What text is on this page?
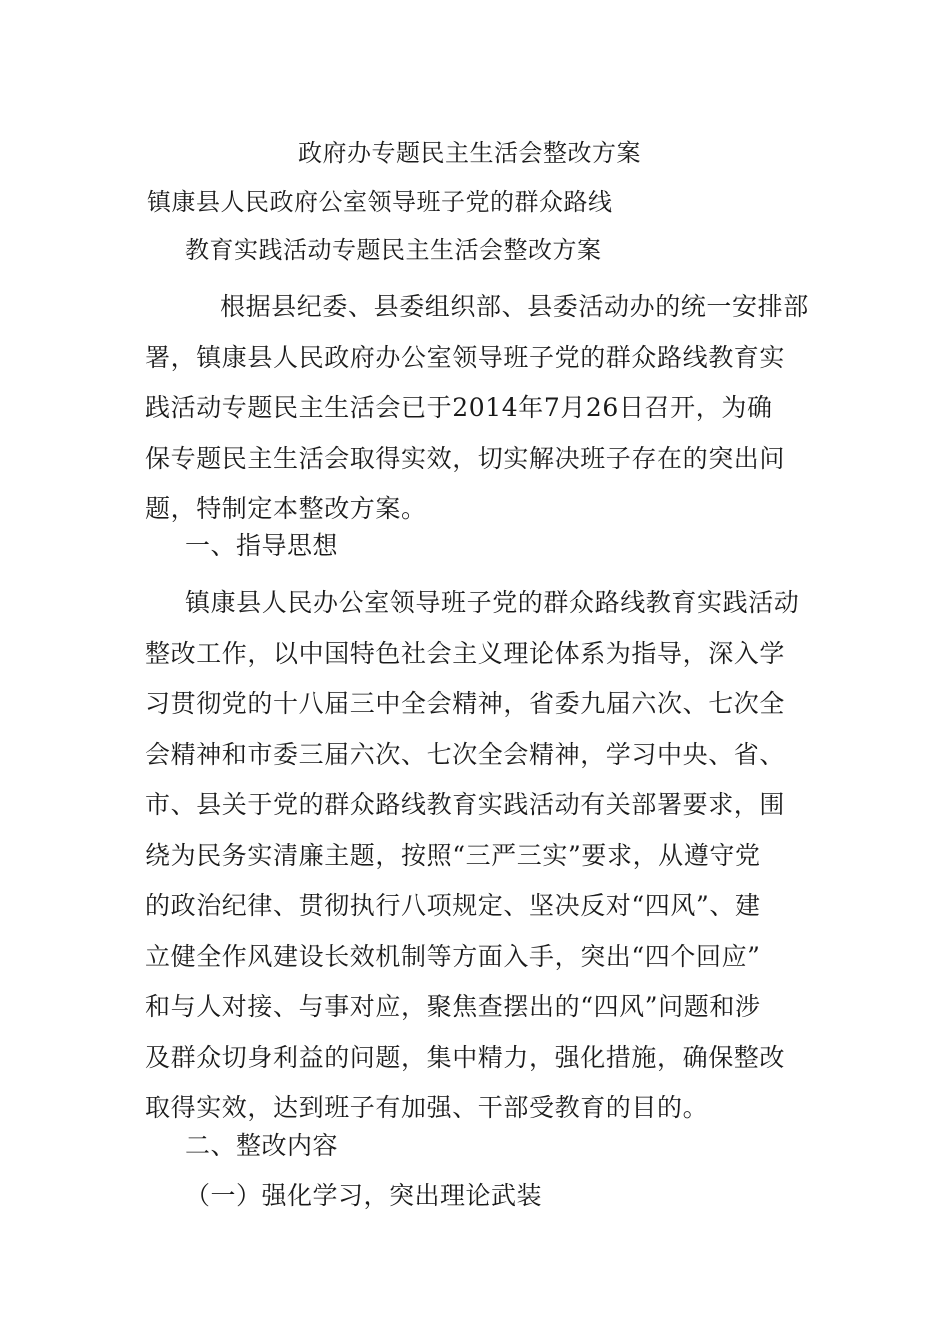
政府办专题民主生活会整改方案
镇康县人民政府公室领导班子党的群众路线
教育实践活动专题民主生活会整改方案
根据县纪委、县委组织部、县委活动办的统一安排部
署，镇康县人民政府办公室领导班子党的群众路线教育实
践活动专题民主生活会已于2014年7月26日召开，为确
保专题民主生活会取得实效，切实解决班子存在的突出问
题，特制定本整改方案。
一、指导思想
镇康县人民办公室领导班子党的群众路线教育实践活动
整改工作，以中国特色社会主义理论体系为指导，深入学
习贯彻党的十八届三中全会精神，省委九届六次、七次全
会精神和市委三届六次、七次全会精神，学习中央、省、
市、县关于党的群众路线教育实践活动有关部署要求，围
绕为民务实清廉主题，按照“三严三实”要求，从遵守党
的政治纪律、贯彻执行八项规定、坚决反对“四风”、建
立健全作风建设长效机制等方面入手，突出“四个回应”
和与人对接、与事对应，聚焦查摆出的“四风”问题和涉
及群众切身利益的问题，集中精力，强化措施，确保整改
取得实效，达到班子有加强、干部受教育的目的。
二、整改内容
（一）强化学习，突出理论武装
